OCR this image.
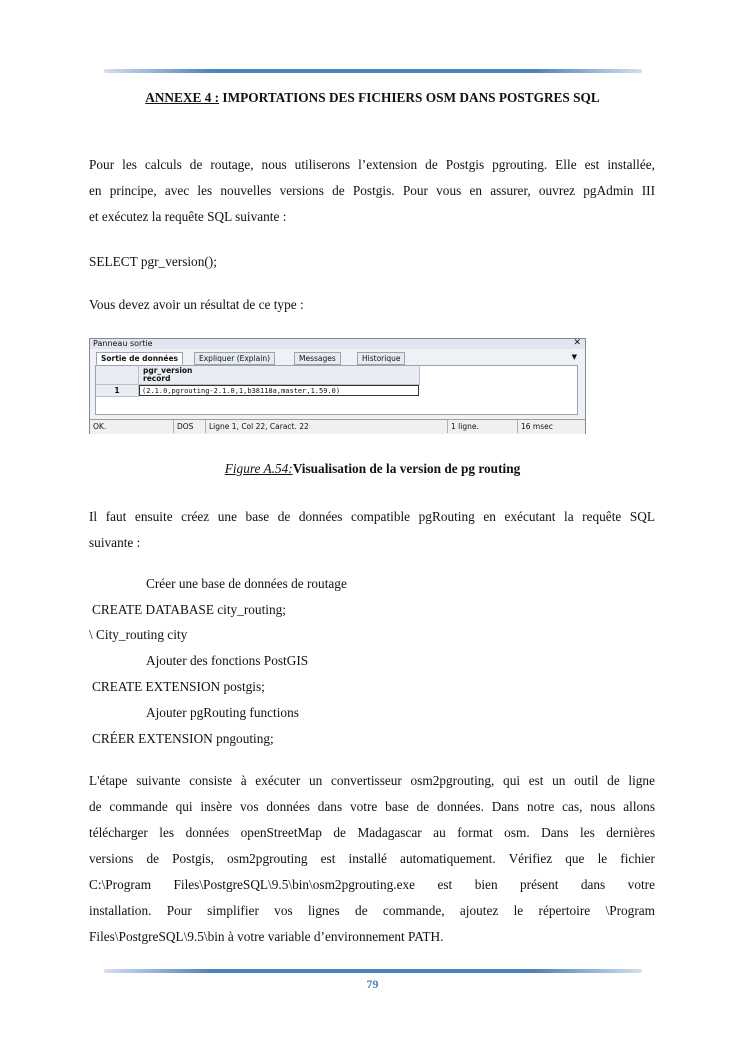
ANNEXE 4 : IMPORTATIONS DES FICHIERS OSM DANS POSTGRES SQL
Pour les calculs de routage, nous utiliserons l’extension de Postgis pgrouting. Elle est installée,
en principe, avec les nouvelles versions de Postgis. Pour vous en assurer, ouvrez pgAdmin III
et exécutez la requête SQL suivante :
SELECT pgr_version();
Vous devez avoir un résultat de ce type :
Panneau sortie	✕
Sortie de données	Expliquer (Explain)	Messages	Historique	▼
pgr_version
record
1	(2.1.0,pgrouting-2.1.0,1,b38118a,master,1.59.0)
OK.	DOS	Ligne 1, Col 22, Caract. 22	1 ligne.	16 msec
Figure A.54:Visualisation de la version de pg routing
Il faut ensuite créez une base de données compatible pgRouting en exécutant la requête SQL
suivante :
Créer une base de données de routage
CREATE DATABASE city_routing;
\ City_routing city
Ajouter des fonctions PostGIS
CREATE EXTENSION postgis;
Ajouter pgRouting functions
CRÉER EXTENSION pngouting;
L'étape suivante consiste à exécuter un convertisseur osm2pgrouting, qui est un outil de ligne
de commande qui insère vos données dans votre base de données. Dans notre cas, nous allons
télécharger les données openStreetMap de Madagascar au format osm. Dans les dernières
versions de Postgis, osm2pgrouting est installé automatiquement. Vérifiez que le fichier
C:\Program Files\PostgreSQL\9.5\bin\osm2pgrouting.exe est bien présent dans votre
installation. Pour simplifier vos lignes de commande, ajoutez le répertoire \Program
Files\PostgreSQL\9.5\bin à votre variable d’environnement PATH.
79
